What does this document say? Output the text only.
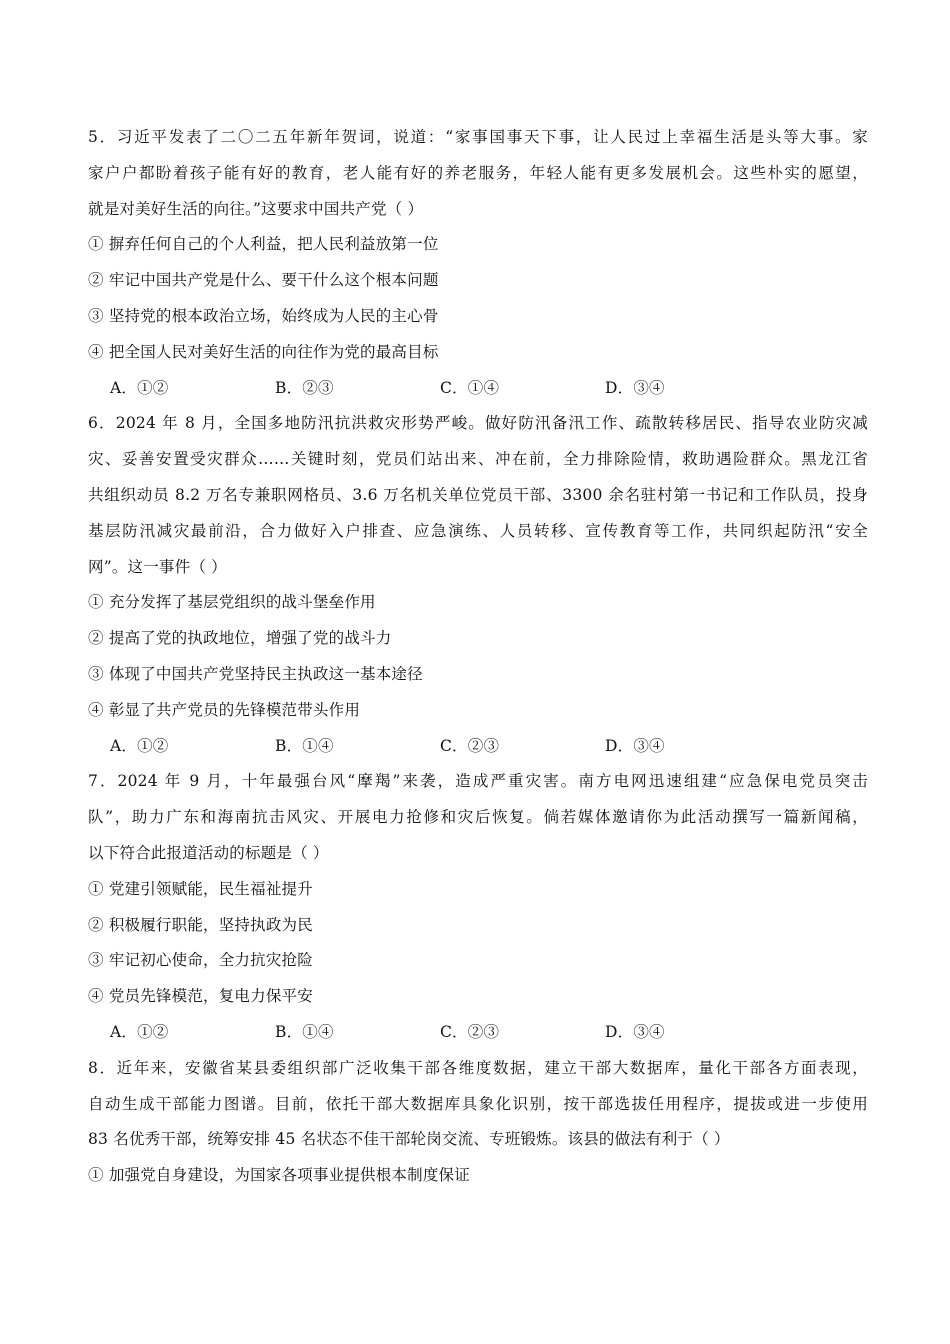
5．习近平发表了二〇二五年新年贺词，说道：“家事国事天下事，让人民过上幸福生活是头等大事。家
家户户都盼着孩子能有好的教育，老人能有好的养老服务，年轻人能有更多发展机会。这些朴实的愿望，
就是对美好生活的向往。”这要求中国共产党（ ）
① 摒弃任何自己的个人利益，把人民利益放第一位
② 牢记中国共产党是什么、要干什么这个根本问题
③ 坚持党的根本政治立场，始终成为人民的主心骨
④ 把全国人民对美好生活的向往作为党的最高目标
A．①②	B．②③	C．①④	D．③④
6．2024 年 8 月，全国多地防汛抗洪救灾形势严峻。做好防汛备汛工作、疏散转移居民、指导农业防灾减
灾、妥善安置受灾群众……关键时刻，党员们站出来、冲在前，全力排除险情，救助遇险群众。黑龙江省
共组织动员 8.2 万名专兼职网格员、3.6 万名机关单位党员干部、3300 余名驻村第一书记和工作队员，投身
基层防汛减灾最前沿，合力做好入户排查、应急演练、人员转移、宣传教育等工作，共同织起防汛“安全
网”。这一事件（ ）
① 充分发挥了基层党组织的战斗堡垒作用
② 提高了党的执政地位，增强了党的战斗力
③ 体现了中国共产党坚持民主执政这一基本途径
④ 彰显了共产党员的先锋模范带头作用
A．①②	B．①④	C．②③	D．③④
7．2024 年 9 月，十年最强台风“摩羯”来袭，造成严重灾害。南方电网迅速组建“应急保电党员突击
队”，助力广东和海南抗击风灾、开展电力抢修和灾后恢复。倘若媒体邀请你为此活动撰写一篇新闻稿，
以下符合此报道活动的标题是（ ）
① 党建引领赋能，民生福祉提升
② 积极履行职能，坚持执政为民
③ 牢记初心使命，全力抗灾抢险
④ 党员先锋模范，复电力保平安
A．①②	B．①④	C．②③	D．③④
8．近年来，安徽省某县委组织部广泛收集干部各维度数据，建立干部大数据库，量化干部各方面表现，
自动生成干部能力图谱。目前，依托干部大数据库具象化识别，按干部选拔任用程序，提拔或进一步使用
83 名优秀干部，统筹安排 45 名状态不佳干部轮岗交流、专班锻炼。该县的做法有利于（ ）
① 加强党自身建设，为国家各项事业提供根本制度保证
